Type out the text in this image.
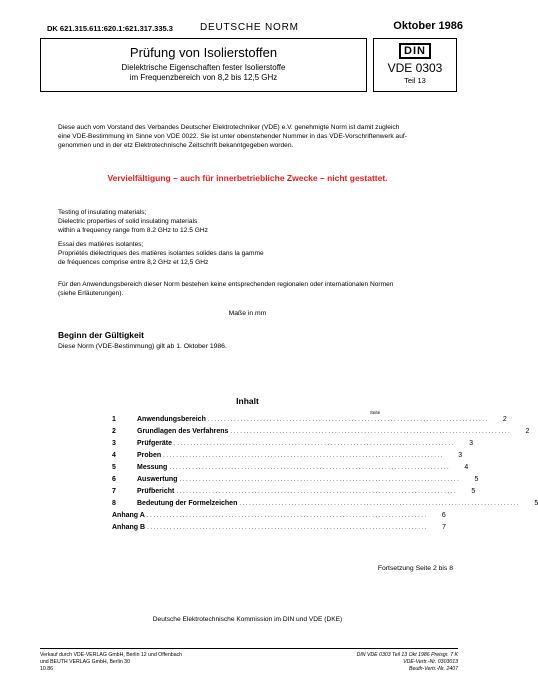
DK 621.315.611:620.1:621.317.335.3	DEUTSCHE NORM	Oktober 1986
Prüfung von Isolierstoffen
Dielektrische Eigenschaften fester Isolierstoffe
im Frequenzbereich von 8,2 bis 12,5 GHz
DIN
VDE 0303
Teil 13
Diese auch vom Vorstand des Verbandes Deutscher Elektrotechniker (VDE) e.V. genehmigte Norm ist damit zugleich
eine VDE-Bestimmung im Sinne von VDE 0022. Sie ist unter obenstehender Nummer in das VDE-Vorschriftenwerk auf-
genommen und in der etz Elektrotechnische Zeitschrift bekanntgegeben worden.
Vervielfältigung – auch für innerbetriebliche Zwecke – nicht gestattet.
Testing of insulating materials;
Dielectric properties of solid insulating materials
within a frequency range from 8.2 GHz to 12.5 GHz
Essai des matières isolantes;
Propriétés diélectriques des matières isolantes solides dans la gamme
de fréquences comprise entre 8,2 GHz et 12,5 GHz
Für den Anwendungsbereich dieser Norm bestehen keine entsprechenden regionalen oder internationalen Normen
(siehe Erläuterungen).
Maße in mm
Beginn der Gültigkeit
Diese Norm (VDE-Bestimmung) gilt ab 1. Oktober 1986.
Inhalt
Seite
1	Anwendungsbereich ......................................................................................	2
2	Grundlagen des Verfahrens ......................................................................................	2
3	Prüfgeräte ......................................................................................	3
4	Proben ......................................................................................	3
5	Messung ......................................................................................	4
6	Auswertung ......................................................................................	5
7	Prüfbericht ......................................................................................	5
8	Bedeutung der Formelzeichen ......................................................................................	5
Anhang A ......................................................................................	6
Anhang B ......................................................................................	7
Fortsetzung Seite 2 bis 8
Deutsche Elektrotechnische Kommission im DIN und VDE (DKE)
Verkauf durch VDE-VERLAG GmbH, Berlin 12 und Offenbach
und BEUTH VERLAG GmbH, Berlin 30
10.86
DIN VDE 0303 Teil 13 Okt 1986 Preisgr. 7 K
VDE-Vertr.-Nr. 0303013
Beuth-Vertr.-Nr. 2407
